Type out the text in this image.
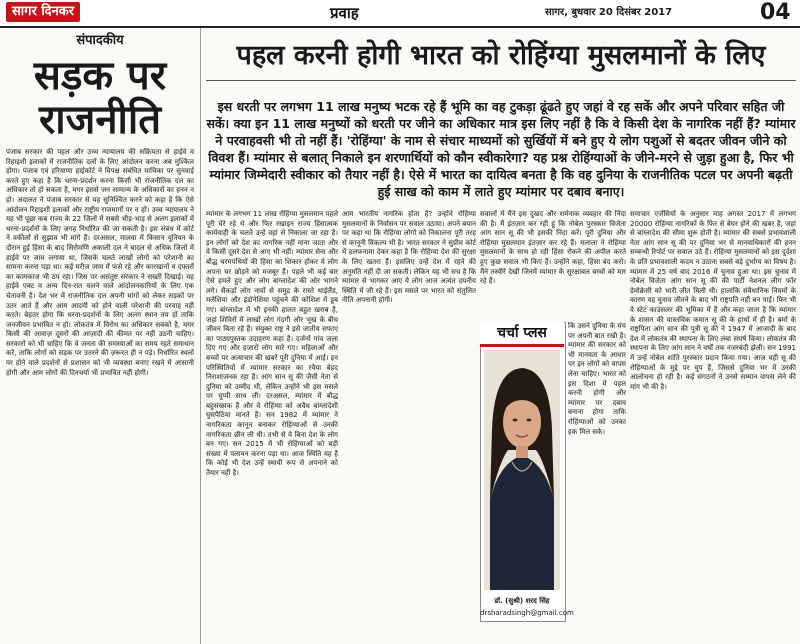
सागर दिनकर	प्रवाह	सागर, बुधवार 20 दिसंबर 2017	04
संपादकीय
सड़क पर
राजनीति
पंजाब सरकार की पहल और उच्च न्यायालय की सक्रियता से हाईवे व रिहाइशी इलाकों में राजनीतिक दलों के लिए आंदोलन करना अब मुश्किल होगा। पंजाब एवं हरियाणा हाईकोर्ट ने विपक्ष संबंधित याचिका पर सुनवाई करते हुए कहा है कि धरना-प्रदर्शन करना किसी भी राजनीतिक दल का अधिकार तो हो सकता है, मगर इससे जन सामान्य के अधिकारों का हनन न हो। अदालत ने पंजाब सरकार से यह सुनिश्चित करने को कहा है कि ऐसे आंदोलन रिहाइशी इलाकों और राष्ट्रीय राजमार्गों पर न हों। उच्च न्यायालय ने यह भी पूछा कब राज्य के 22 जिलों में सबसे भीड़-भाड़ से अलग इलाकों में धरना-प्रदर्शनों के लिए जगह निर्धारित की जा सकती है। इस संबंध में कोर्ट ने वकीलों से सुझाव भी मांगे हैं। दरअसल, मालवा में किसान यूनियन के दौरान हुई हिंसा के बाद सिरोमणि अकाली दल ने बादल से अधिक जिलों में हाईवे पर जाम लगाया था, जिसके चलते लाखों लोगों को परेशानी का सामना करना पड़ा था। कई मरीज जाम में फंसे रहे और कारखानों व दफ्तरों का कामकाज भी ठप रहा। जिस पर असंतुष्ट सरकार ने सख्ती दिखाई। यह हाईवे एक्ट व अन्य दिन-रात चलने वाले आंदोलनकारियों के लिए एक चेतावनी है। देश भर में राजनीतिक दल अपनी मांगों को लेकर सड़कों पर उतर आते हैं और आम आदमी को होने वाली परेशानी की परवाह नहीं करते। बेहतर होगा कि धरना-प्रदर्शनों के लिए अलग स्थान तय हों ताकि जनजीवन प्रभावित न हो। लोकतंत्र में विरोध का अधिकार सबको है, मगर किसी की आवाज़ दूसरों की आज़ादी की कीमत पर नहीं उठनी चाहिए। सरकारों को भी चाहिए कि वे जनता की समस्याओं का समय रहते समाधान करें, ताकि लोगों को सड़क पर उतरने की ज़रूरत ही न पड़े। निर्धारित स्थलों पर होने वाले प्रदर्शनों से प्रशासन को भी व्यवस्था बनाए रखने में आसानी होगी और आम लोगों की दिनचर्या भी प्रभावित नहीं होगी।
पहल करनी होगी भारत को रोहिंग्या मुसलमानों के लिए
इस धरती पर लगभग 11 लाख मनुष्य भटक रहे हैं भूमि का वह टुकड़ा ढूंढते हुए जहां वे रह सकें और अपने परिवार सहित जी सकें। क्या इन 11 लाख मनुष्यों को धरती पर जीने का अधिकार मात्र इस लिए नहीं है कि वे किसी देश के नागरिक नहीं हैं? म्यांमार ने परवाहवसी भी तो नहीं हैं। 'रोहिंग्या' के नाम से संचार माध्यमों को सुर्खियों में बने हुए ये लोग पशुओं से बदतर जीवन जीने को विवश हैं। म्यांमार से बलात् निकाले इन शरणार्थियों को कौन स्वीकारेगा? यह प्रश्न रोहिंग्याओं के जीने-मरने से जुड़ा हुआ है, फिर भी म्यांमार जिम्मेदारी स्वीकार को तैयार नहीं है। ऐसे में भारत का दायित्व बनता है कि वह दुनिया के राजनीतिक पटल पर अपनी बढ़ती हुई साख को काम में लाते हुए म्यांमार पर दबाव बनाए।
म्यांमार के लगभग 11 लाख रोहिंग्या मुसलमान पहले पूरी घेरे रहे थे और फिर रखाइन राज्य हिंसात्मक कार्यवाही के चलते उन्हें वहां से निकाला जा रहा है। इन लोगों को देश का नागरिक नहीं माना जाता और वे किसी दूसरे देश से आए भी नहीं। म्यांमार सेना और बौद्ध चरमपंथियों की हिंसा का शिकार होकर ये लोग अपना घर छोड़ने को मजबूर हैं। पहले भी कई बार ऐसे हमले हुए और लोग बांग्लादेश की ओर भागने लगे। सैकड़ों लोग नावों से समुद्र के रास्ते थाईलैंड, मलेशिया और इंडोनेशिया पहुंचने की कोशिश में डूब गए। बांग्लादेश में भी इनकी हालत बहुत खराब है, जहां शिविरों में लाखों लोग गंदगी और भूख के बीच जीवन बिता रहे हैं। संयुक्त राष्ट्र ने इसे जातीय सफाए का पाठ्यपुस्तक उदाहरण कहा है। दर्जनों गांव जला दिए गए और हजारों लोग मारे गए। महिलाओं और बच्चों पर अत्याचार की खबरें पूरी दुनिया में आईं। इन परिस्थितियों में म्यांमार सरकार का रवैया बेहद निराशाजनक रहा है। आंग सान सू की जैसी नेता से दुनिया को उम्मीद थी, लेकिन उन्होंने भी इस मसले पर चुप्पी साध ली। दरअसल, म्यांमार में बौद्ध बहुसंख्यक हैं और वे रोहिंग्या को अवैध बांग्लादेशी घुसपैठिया मानते हैं। सन 1982 में म्यांमार ने नागरिकता कानून बनाकर रोहिंग्याओं से उनकी नागरिकता छीन ली थी। तभी से वे बिना देश के लोग बन गए। सन 2015 में भी रोहिंग्याओं को बड़ी संख्या में पलायन करना पड़ा था। आज स्थिति यह है कि कोई भी देश उन्हें स्थायी रूप से अपनाने को तैयार नहीं है।
आम भारतीय नागरिक होता है? उन्होंने रोहिंग्या मुसलमानों के निर्वासन पर सवाल उठाया। अपने बयान पर कहा था कि रोहिंग्या लोगों को निकालना पूरी तरह से कानूनी विकल्प भी है। भारत सरकार ने सुप्रीम कोर्ट में हलफनामा देकर कहा है कि रोहिंग्या देश की सुरक्षा के लिए खतरा हैं। इसलिए उन्हें देश में रहने की अनुमति नहीं दी जा सकती। लेकिन यह भी सच है कि म्यांमार से भागकर आए ये लोग आज अत्यंत दयनीय स्थिति में जी रहे हैं। इस मसले पर भारत को संतुलित नीति अपनानी होगी।
सवालों में मैंने इस दुखद और शर्मनाक व्यवहार की निंदा की है। मैं इंतज़ार कर रही हूं कि नोबेल पुरस्कार विजेता आंग सान सू की भी इसकी निंदा करें। पूरी दुनिया और रोहिंग्या मुसलमान इंतज़ार कर रहे हैं। मलाला ने रोहिंग्या मुसलमानों के साथ हो रही हिंसा रोकने की अपील करते हुए कुछ सवाल भी किए हैं। उन्होंने कहा, हिंसा बंद करो। मैंने तस्वीरें देखीं जिनमें म्यांमार के सुरक्षाबल बच्चों को मार रहे हैं।
कि उसने दुनिया के मंच पर अपनी बात रखी है। म्यांमार की सरकार को भी मानवता के आधार पर इन लोगों को वापस लेना चाहिए। भारत को इस दिशा में पहल करनी होगी और म्यांमार पर दबाव बनाना होगा ताकि रोहिंग्याओं को उनका हक मिल सके।
समाचार एजेंसियों के अनुसार माह अगस्त 2017 में लगभग 20000 रोहिंग्या नागरिकों के फिर से बेघर होने की खबर है, जहां से बांग्लादेश की सीमा शुरू होती है। म्यांमार की सबसे प्रभावशाली नेता आंग सान सू की पर दुनिया भर से मानवाधिकारों की हनन सम्बन्धी रिपोर्ट पर सवाल उठे हैं। रोहिंग्या मुसलमानों को इस दुर्दशा के प्रति प्रभावशाली कदम न उठाना सबसे बड़े दुर्भाग्य का विषय है। म्यांमार में 25 वर्ष बाद 2016 में चुनाव हुआ था। इस चुनाव में नोबेल विजेता आंग सान सू की की पार्टी नेशनल लीग फॉर डेमोक्रेसी को भारी जीत मिली थी। हालांकि संवैधानिक नियमों के कारण वह चुनाव जीतने के बाद भी राष्ट्रपति नहीं बन पाईं। फिर भी वे स्टेट काउंसलर की भूमिका में हैं और कहा जाता है कि म्यांमार के शासन की वास्तविक कमान सू की के हाथों में ही है। बर्मा के राष्ट्रपिता आंग सान की पुत्री सू की ने 1947 में आजादी के बाद देश में लोकतंत्र की स्थापना के लिए लंबा संघर्ष किया। लोकतंत्र की स्थापना के लिए आंग सान ने वर्षों तक नजरबंदी झेली। सन 1991 में उन्हें नोबेल शांति पुरस्कार प्रदान किया गया। आज वही सू की रोहिंग्याओं के मुद्दे पर चुप हैं, जिससे दुनिया भर में उनकी आलोचना हो रही है। कई संगठनों ने उनसे सम्मान वापस लेने की मांग भी की है।
चर्चा प्लस
डॉ. (सुश्री) शरद सिंह
drsharadsingh@gmail.com
